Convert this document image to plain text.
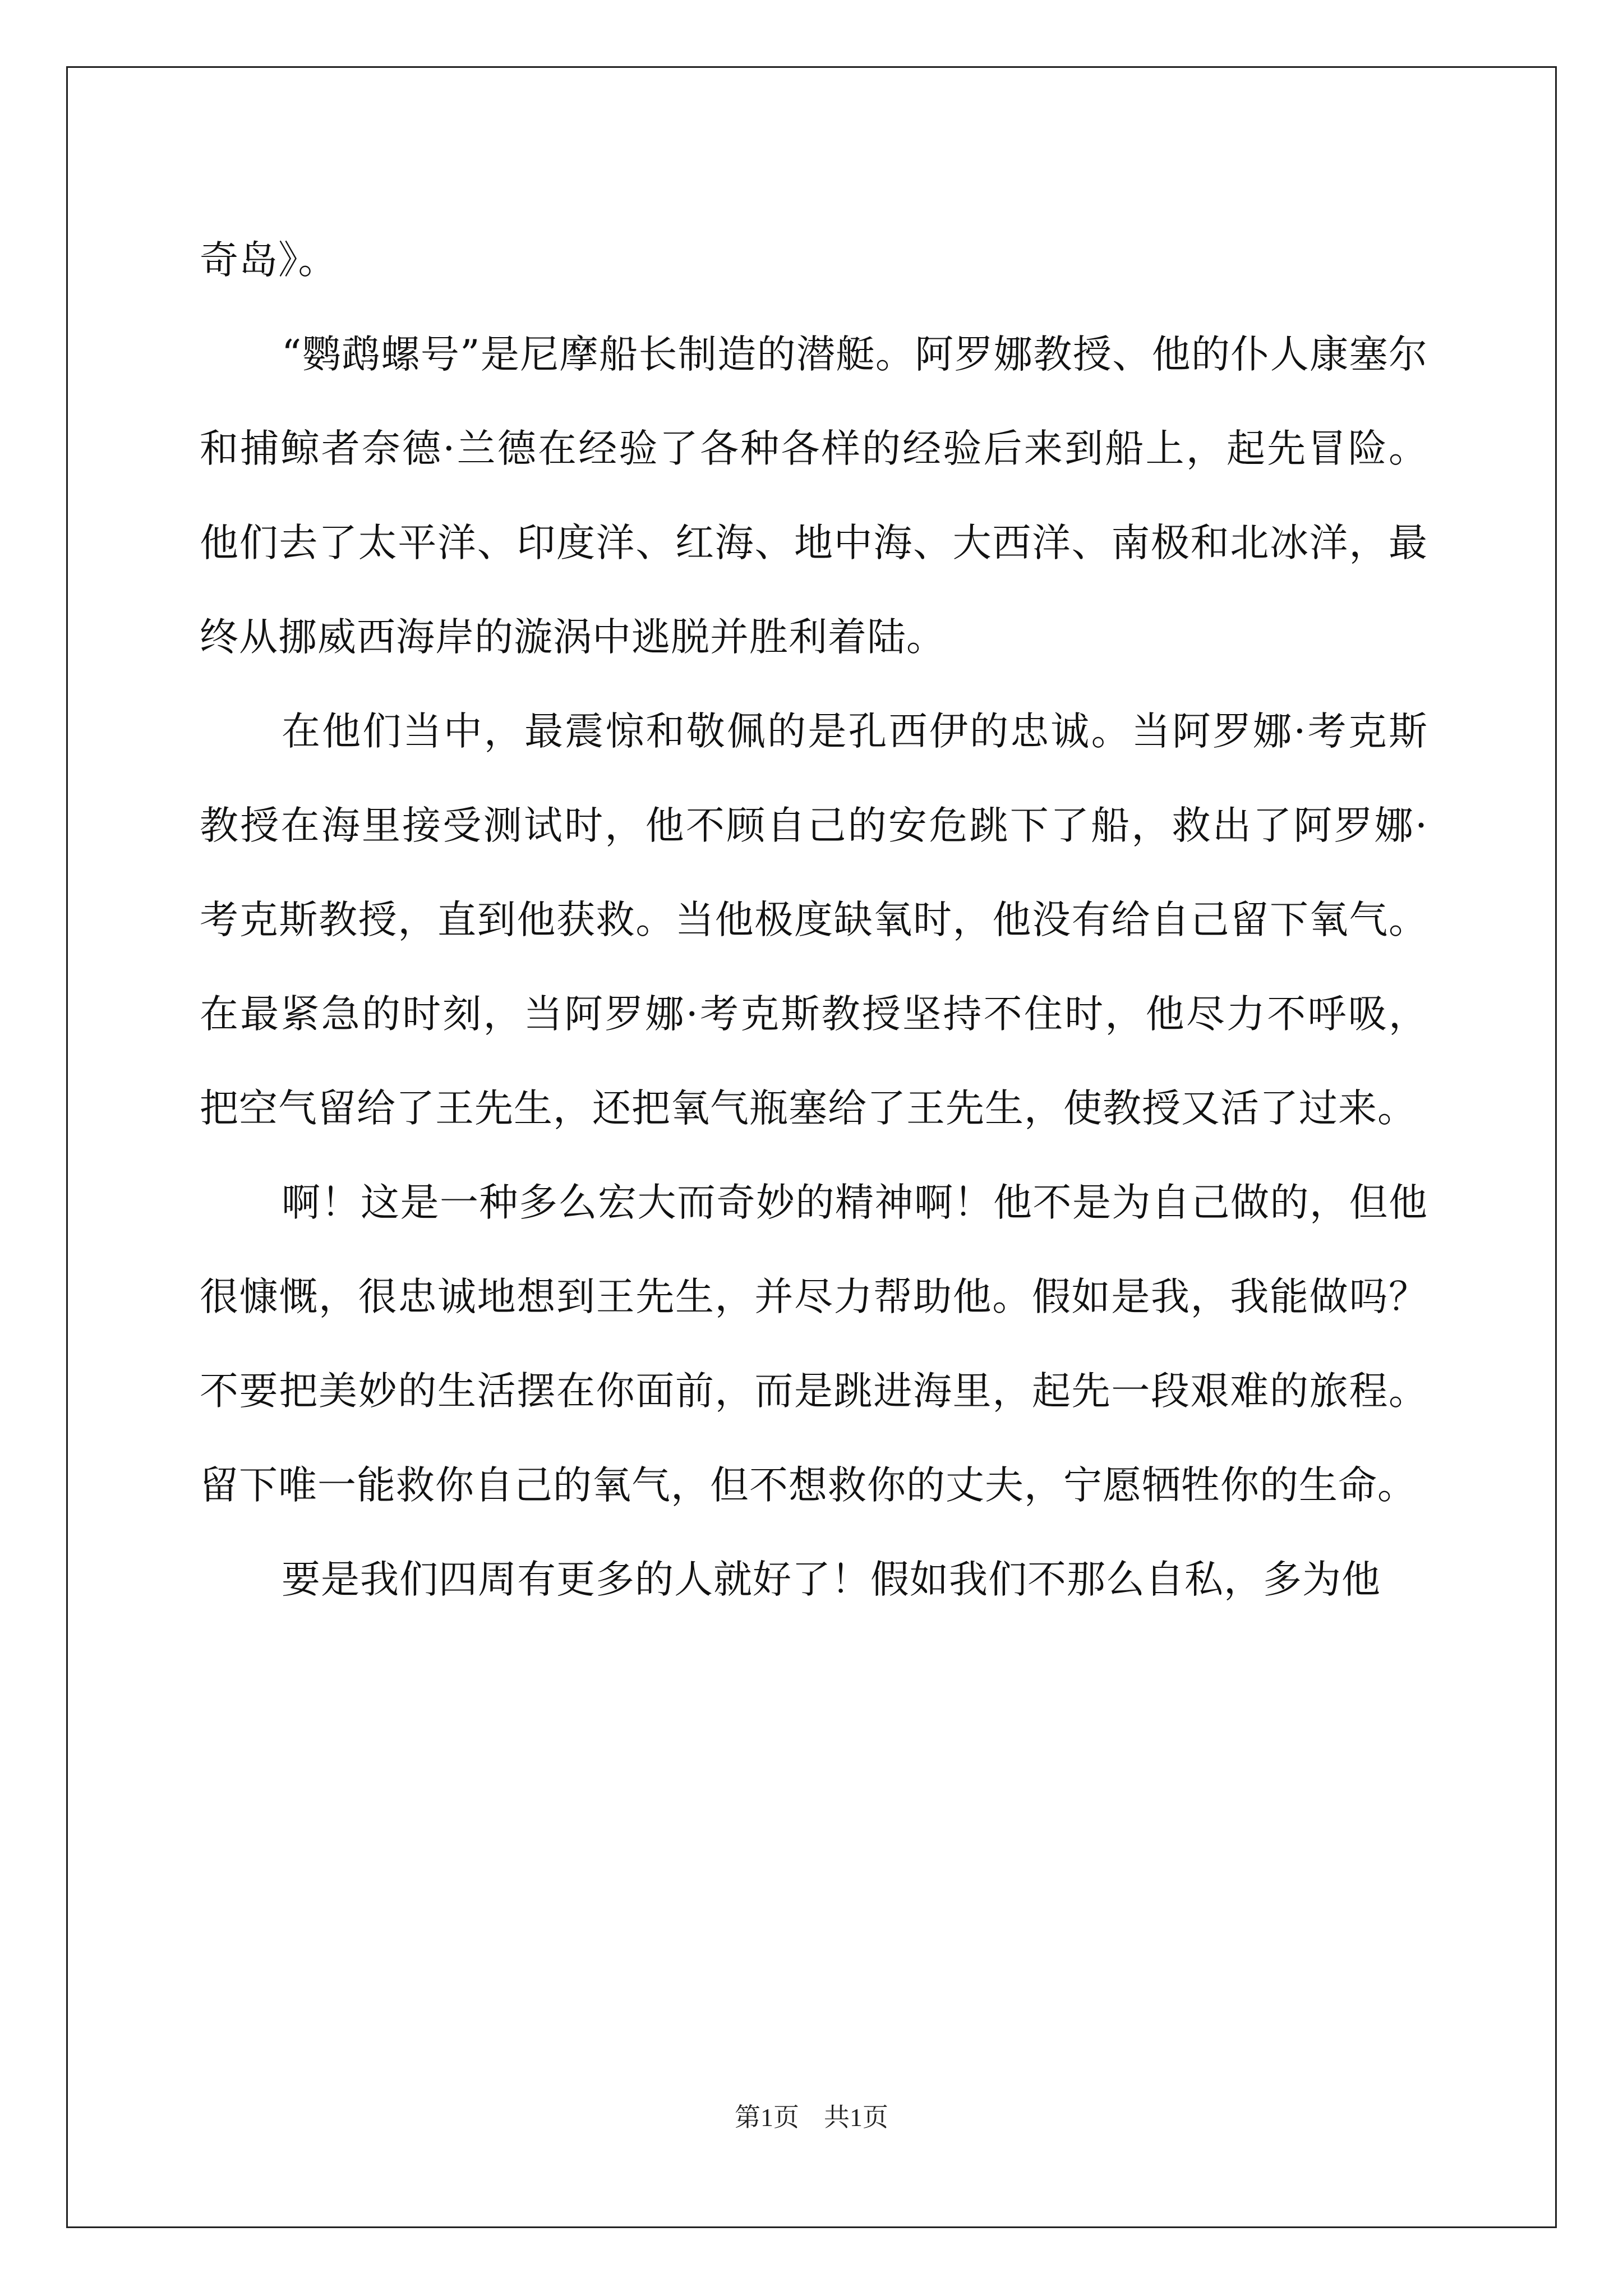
奇岛》。

“鹦鹉螺号”是尼摩船长制造的潜艇。阿罗娜教授、他的仆人康塞尔和捕鲸者奈德·兰德在经验了各种各样的经验后来到船上，起先冒险。他们去了太平洋、印度洋、红海、地中海、大西洋、南极和北冰洋，最终从挪威西海岸的漩涡中逃脱并胜利着陆。

在他们当中，最震惊和敬佩的是孔西伊的忠诚。当阿罗娜·考克斯教授在海里接受测试时，他不顾自己的安危跳下了船，救出了阿罗娜·考克斯教授，直到他获救。当他极度缺氧时，他没有给自己留下氧气。在最紧急的时刻，当阿罗娜·考克斯教授坚持不住时，他尽力不呼吸，把空气留给了王先生，还把氧气瓶塞给了王先生，使教授又活了过来。

啊！这是一种多么宏大而奇妙的精神啊！他不是为自己做的，但他很慷慨，很忠诚地想到王先生，并尽力帮助他。假如是我，我能做吗？不要把美妙的生活摆在你面前，而是跳进海里，起先一段艰难的旅程。留下唯一能救你自己的氧气，但不想救你的丈夫，宁愿牺牲你的生命。

要是我们四周有更多的人就好了！假如我们不那么自私，多为他

第1页 共1页
